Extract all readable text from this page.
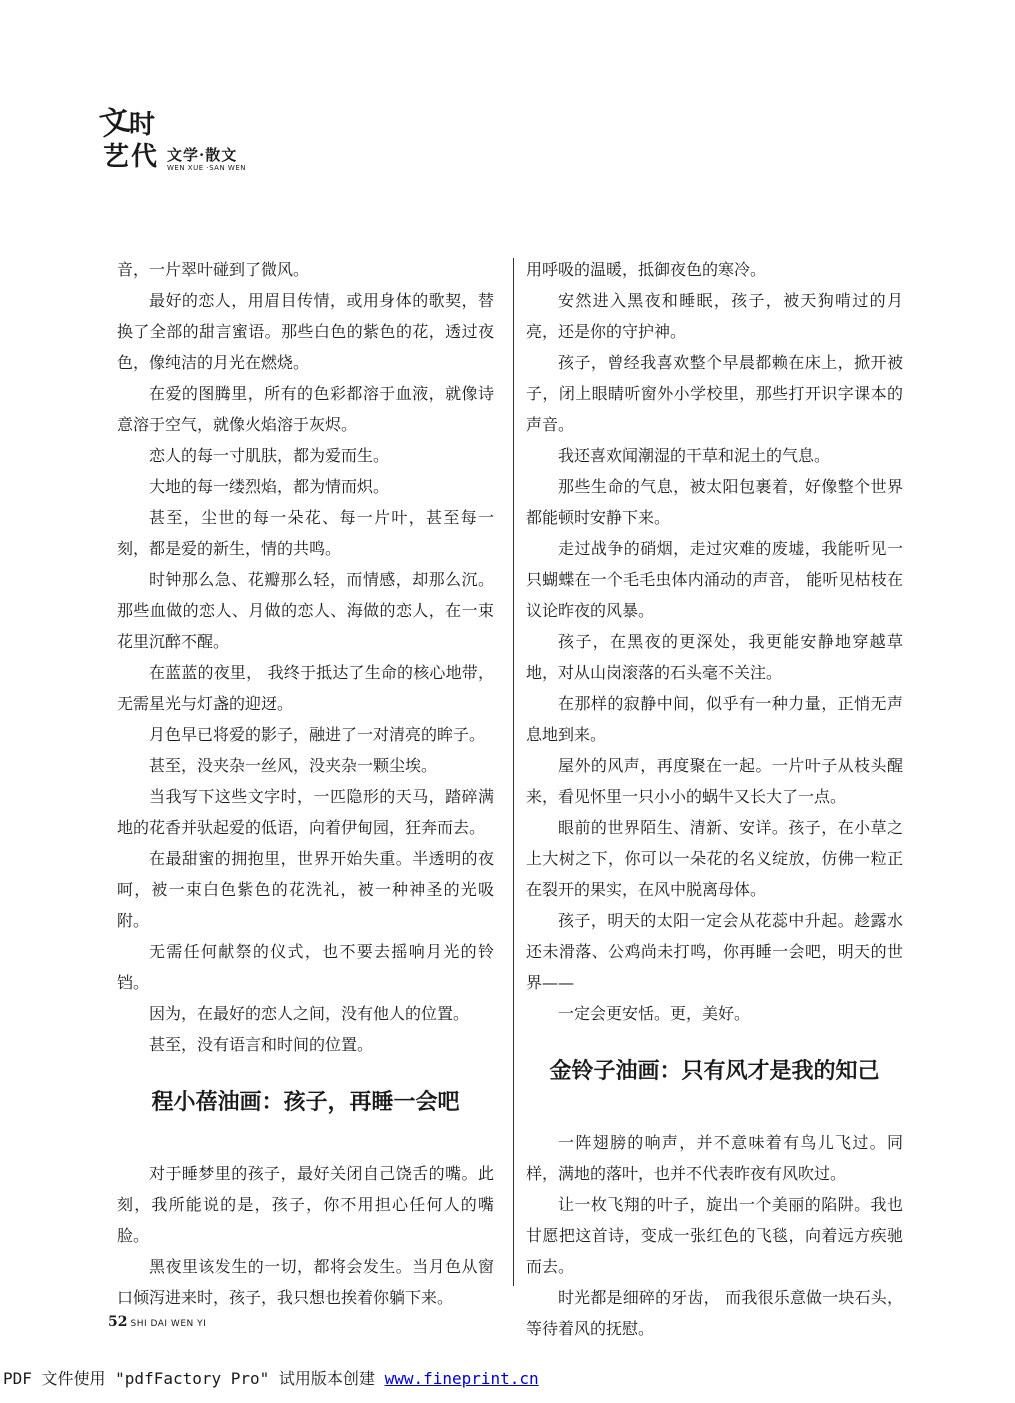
文
时
艺 代 文学·散文
WEN XUE ·SAN WEN

音，一片翠叶碰到了微风。

最好的恋人，用眉目传情，或用身体的歌契，替换了全部的甜言蜜语。那些白色的紫色的花，透过夜色，像纯洁的月光在燃烧。

在爱的图腾里，所有的色彩都溶于血液，就像诗意溶于空气，就像火焰溶于灰烬。

恋人的每一寸肌肤，都为爱而生。

大地的每一缕烈焰，都为情而炽。

甚至，尘世的每一朵花、每一片叶，甚至每一刻，都是爱的新生，情的共鸣。

时钟那么急、花瓣那么轻，而情感，却那么沉。那些血做的恋人、月做的恋人、海做的恋人，在一束花里沉醉不醒。

在蓝蓝的夜里， 我终于抵达了生命的核心地带，无需星光与灯盏的迎迓。

月色早已将爱的影子，融进了一对清亮的眸子。

甚至，没夹杂一丝风，没夹杂一颗尘埃。

当我写下这些文字时，一匹隐形的天马，踏碎满地的花香并驮起爱的低语，向着伊甸园，狂奔而去。

在最甜蜜的拥抱里，世界开始失重。半透明的夜呵，被一束白色紫色的花洗礼，被一种神圣的光吸附。

无需任何献祭的仪式，也不要去摇响月光的铃铛。

因为，在最好的恋人之间，没有他人的位置。

甚至，没有语言和时间的位置。

程小蓓油画：孩子，再睡一会吧

对于睡梦里的孩子，最好关闭自己饶舌的嘴。此刻，我所能说的是，孩子，你不用担心任何人的嘴脸。

黑夜里该发生的一切，都将会发生。当月色从窗口倾泻进来时，孩子，我只想也挨着你躺下来。

用呼吸的温暖，抵御夜色的寒冷。

安然进入黑夜和睡眠，孩子，被天狗啃过的月亮，还是你的守护神。

孩子，曾经我喜欢整个早晨都赖在床上，掀开被子，闭上眼睛听窗外小学校里，那些打开识字课本的声音。

我还喜欢闻潮湿的干草和泥土的气息。

那些生命的气息，被太阳包裹着，好像整个世界都能顿时安静下来。

走过战争的硝烟，走过灾难的废墟，我能听见一只蝴蝶在一个毛毛虫体内涌动的声音， 能听见枯枝在议论昨夜的风暴。

孩子，在黑夜的更深处，我更能安静地穿越草地，对从山岗滚落的石头毫不关注。

在那样的寂静中间，似乎有一种力量，正悄无声息地到来。

屋外的风声，再度聚在一起。一片叶子从枝头醒来，看见怀里一只小小的蜗牛又长大了一点。

眼前的世界陌生、清新、安详。孩子，在小草之上大树之下，你可以一朵花的名义绽放，仿佛一粒正在裂开的果实，在风中脱离母体。

孩子，明天的太阳一定会从花蕊中升起。趁露水还未滑落、公鸡尚未打鸣，你再睡一会吧，明天的世界——

一定会更安恬。更，美好。

金铃子油画：只有风才是我的知己

一阵翅膀的响声，并不意味着有鸟儿飞过。同样，满地的落叶，也并不代表昨夜有风吹过。

让一枚飞翔的叶子，旋出一个美丽的陷阱。我也甘愿把这首诗，变成一张红色的飞毯，向着远方疾驰而去。

时光都是细碎的牙齿， 而我很乐意做一块石头，等待着风的抚慰。

52 SHI DAI WEN YI
PDF 文件使用 "pdfFactory Pro" 试用版本创建 www.fineprint.cn
